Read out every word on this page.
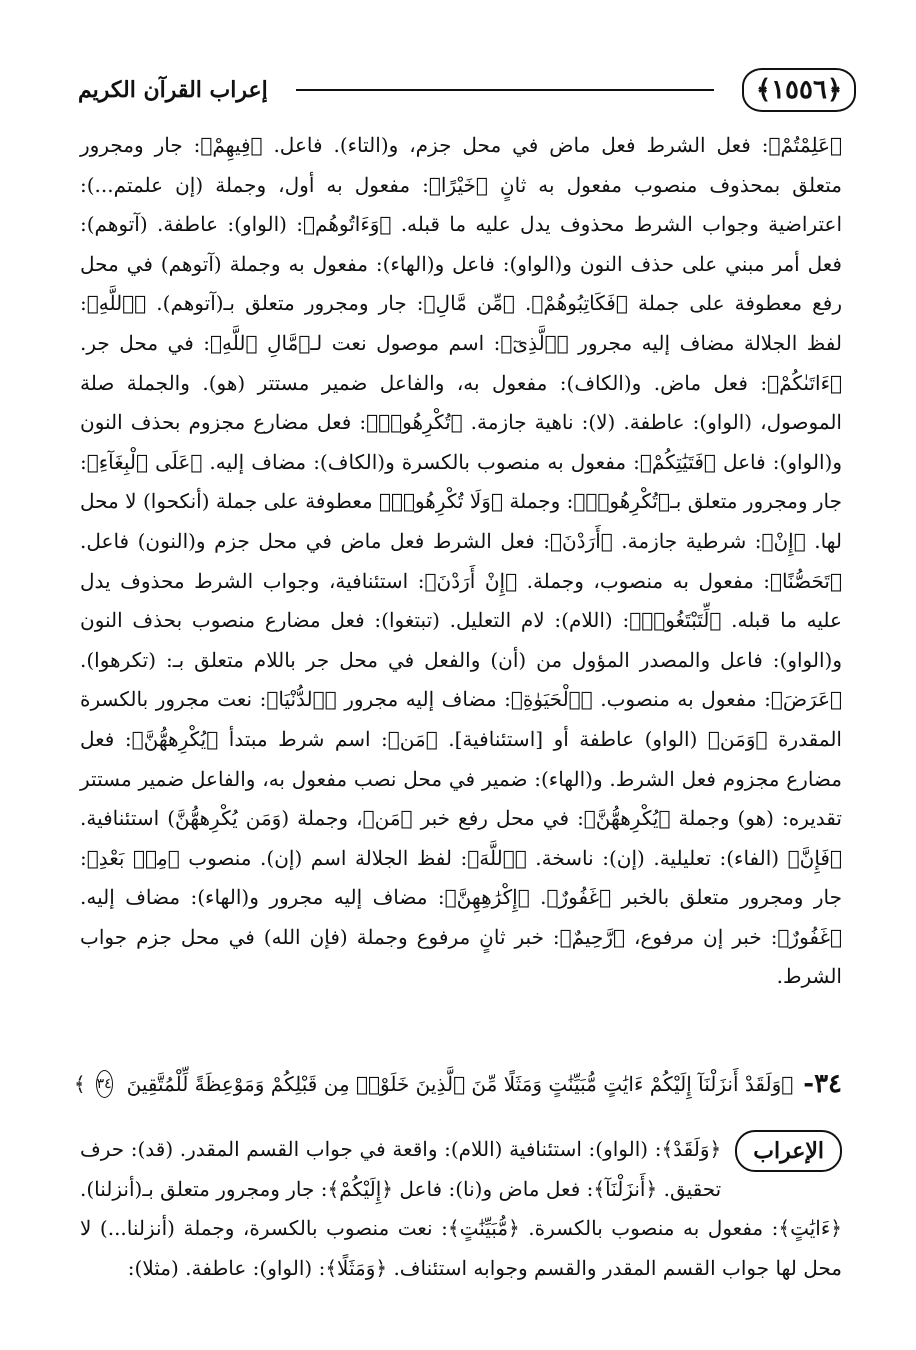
﴿١٥٥٦﴾
إعراب القرآن الكريم

﴿عَلِمْتُمْ﴾: فعل الشرط فعل ماض في محل جزم، و(التاء). فاعل. ﴿فِيهِمْ﴾: جار ومجرور متعلق بمحذوف منصوب مفعول به ثانٍ ﴿خَيْرًا﴾: مفعول به أول، وجملة (إن علمتم...): اعتراضية وجواب الشرط محذوف يدل عليه ما قبله. ﴿وَءَاتُوهُم﴾: (الواو): عاطفة. (آتوهم): فعل أمر مبني على حذف النون و(الواو): فاعل و(الهاء): مفعول به وجملة (آتوهم) في محل رفع معطوفة على جملة ﴿فَكَاتِبُوهُمْ﴾. ﴿مِّن مَّالِ﴾: جار ومجرور متعلق بـ(آتوهم). ﴿ٱللَّهِ﴾: لفظ الجلالة مضاف إليه مجرور ﴿ٱلَّذِىٓ﴾: اسم موصول نعت لـ﴿مَّالِ ٱللَّهِ﴾: في محل جر. ﴿ءَاتَىٰكُمْ﴾: فعل ماض. و(الكاف): مفعول به، والفاعل ضمير مستتر (هو). والجملة صلة الموصول، (الواو): عاطفة. (لا): ناهية جازمة. ﴿تُكْرِهُوا۟﴾: فعل مضارع مجزوم بحذف النون و(الواو): فاعل ﴿فَتَيَٰتِكُمْ﴾: مفعول به منصوب بالكسرة و(الكاف): مضاف إليه. ﴿عَلَى ٱلْبِغَآءِ﴾: جار ومجرور متعلق بـ﴿تُكْرِهُوا۟﴾: وجملة ﴿وَلَا تُكْرِهُوا۟﴾ معطوفة على جملة (أنكحوا) لا محل لها. ﴿إِنْ﴾: شرطية جازمة. ﴿أَرَدْنَ﴾: فعل الشرط فعل ماض في محل جزم و(النون) فاعل. ﴿تَحَصُّنًا﴾: مفعول به منصوب، وجملة. ﴿إِنْ أَرَدْنَ﴾: استئنافية، وجواب الشرط محذوف يدل عليه ما قبله. ﴿لِّتَبْتَغُوا۟﴾: (اللام): لام التعليل. (تبتغوا): فعل مضارع منصوب بحذف النون و(الواو): فاعل والمصدر المؤول من (أن) والفعل في محل جر باللام متعلق بـ: (تكرهوا). ﴿عَرَضَ﴾: مفعول به منصوب. ﴿ٱلْحَيَوٰةِ﴾: مضاف إليه مجرور ﴿ٱلدُّنْيَا﴾: نعت مجرور بالكسرة المقدرة ﴿وَمَن﴾ (الواو) عاطفة أو [استئنافية]. ﴿مَن﴾: اسم شرط مبتدأ ﴿يُكْرِههُّنَّ﴾: فعل مضارع مجزوم فعل الشرط. و(الهاء): ضمير في محل نصب مفعول به، والفاعل ضمير مستتر تقديره: (هو) وجملة ﴿يُكْرِههُّنَّ﴾: في محل رفع خبر ﴿مَن﴾، وجملة (وَمَن يُكْرِههُّنَّ) استئنافية. ﴿فَإِنَّ﴾ (الفاء): تعليلية. (إن): ناسخة. ﴿ٱللَّهَ﴾: لفظ الجلالة اسم (إن). منصوب ﴿مِنۢ بَعْدِ﴾: جار ومجرور متعلق بالخبر ﴿غَفُورٌ﴾. ﴿إِكْرَٰهِهِنَّ﴾: مضاف إليه مجرور و(الهاء): مضاف إليه. ﴿غَفُورٌ﴾: خبر إن مرفوع، ﴿رَّحِيمٌ﴾: خبر ثانٍ مرفوع وجملة (فإن الله) في محل جزم جواب الشرط.

٣٤-
﴿وَلَقَدْ أَنزَلْنَآ إِلَيْكُمْ ءَايَٰتٍ مُّبَيِّنَٰتٍ وَمَثَلًا مِّنَ ٱلَّذِينَ خَلَوْا۟ مِن قَبْلِكُمْ وَمَوْعِظَةً لِّلْمُتَّقِينَ
٣٤
﴾
الإعراب

﴿وَلَقَدْ﴾: (الواو): استئنافية (اللام): واقعة في جواب القسم المقدر. (قد): حرف تحقيق. ﴿أَنزَلْنَآ﴾: فعل ماض و(نا): فاعل ﴿إِلَيْكُمْ﴾: جار ومجرور متعلق بـ(أنزلنا). ﴿ءَايَٰتٍ﴾: مفعول به منصوب بالكسرة. ﴿مُّبَيِّنَٰتٍ﴾: نعت منصوب بالكسرة، وجملة (أنزلنا...) لا محل لها جواب القسم المقدر والقسم وجوابه استئناف. ﴿وَمَثَلًا﴾: (الواو): عاطفة. (مثلا):
